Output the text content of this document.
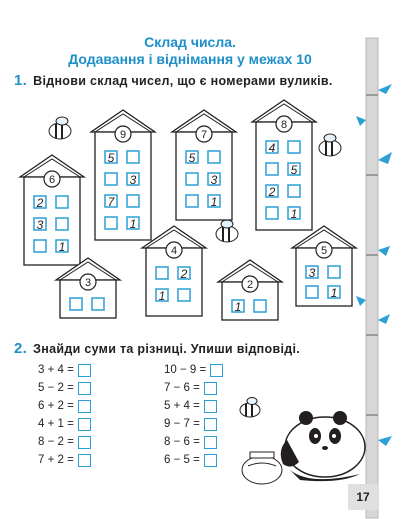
Склад числа.
Додавання і віднімання у межах 10
1. Віднови склад чисел, що є номерами вуликів.
6
2
3
1
9
5
3
7
1
7
5
3
1
8
4
5
2
1
4
2
1
5
3
1
3	2
1
2. Знайди суми та різниці. Упиши відповіді.
3 + 4 =
5 − 2 =
6 + 2 =
4 + 1 =
8 − 2 =
7 + 2 =
10 − 9 =
7 − 6 =
5 + 4 =
9 − 7 =
8 − 6 =
6 − 5 =
17
